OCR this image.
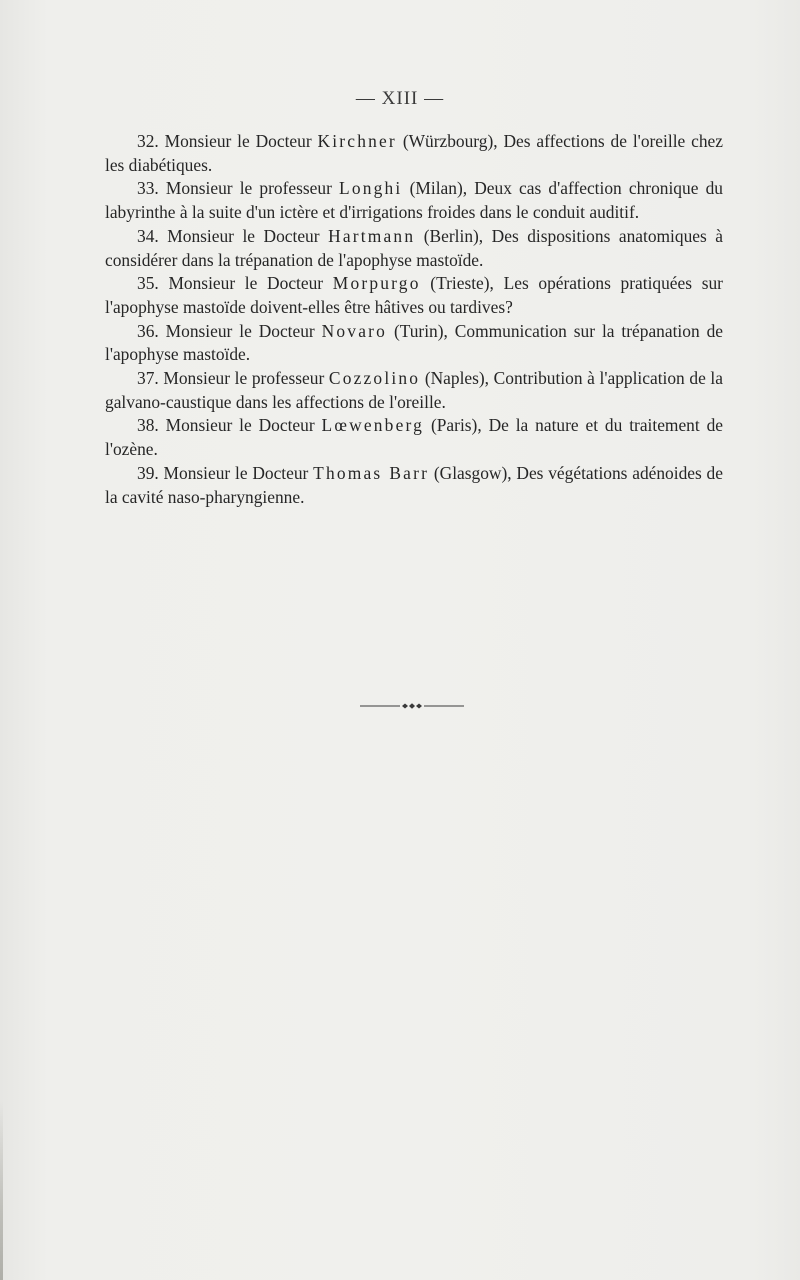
— XIII —

32. Monsieur le Docteur Kirchner (Würzbourg), Des affections de l'oreille chez les diabétiques.

33. Monsieur le professeur Longhi (Milan), Deux cas d'affection chronique du labyrinthe à la suite d'un ictère et d'irrigations froides dans le conduit auditif.

34. Monsieur le Docteur Hartmann (Berlin), Des dispositions anatomiques à considérer dans la trépanation de l'apophyse mastoïde.

35. Monsieur le Docteur Morpurgo (Trieste), Les opérations pratiquées sur l'apophyse mastoïde doivent-elles être hâtives ou tardives?

36. Monsieur le Docteur Novaro (Turin), Communication sur la trépanation de l'apophyse mastoïde.

37. Monsieur le professeur Cozzolino (Naples), Contribution à l'application de la galvano-caustique dans les affections de l'oreille.

38. Monsieur le Docteur Lœwenberg (Paris), De la nature et du traitement de l'ozène.

39. Monsieur le Docteur Thomas Barr (Glasgow), Des végétations adénoides de la cavité naso-pharyngienne.
